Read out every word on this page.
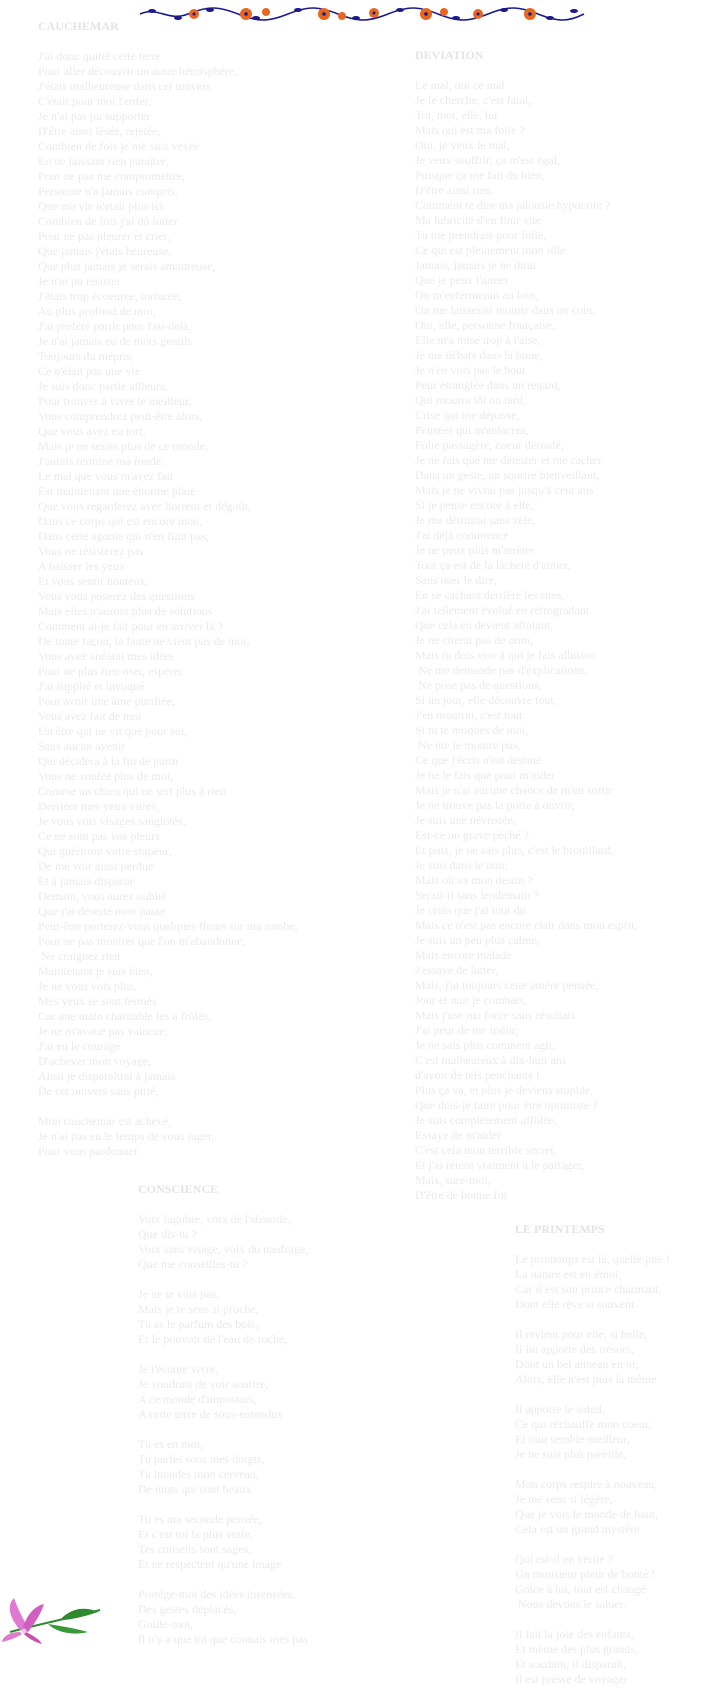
CAUCHEMAR
J'ai donc quitté cette terre
Pour aller découvrir un autre hémisphère,
J'étais malheureuse dans cet univers
C'était pour moi l'enfer,
Je n'ai pas pu supporter
D'être ainsi lésée, rejetée,
Combien de fois je me suis vexée
En ne laissant rien paraître,
Pour ne pas me compromettre,
Personne n'a jamais compris,
Que ma vie n'était plus ici
Combien de fois j'ai dû lutter
Pour ne pas pleurer et crier,
Que jamais j'étais heureuse,
Que plus jamais je serais amoureuse,
Je n'ai pu résister
J'étais trop écoeurée, torturée,
Au plus profond de moi,
J'ai préféré partir pour l'au-delà,
Je n'ai jamais eu de mots gentils
Toujours du mépris,
Ce n'était pas une vie
Je suis donc partie ailleurs,
Pour trouver à vivre le meilleur,
Vous comprendrez peut-être alors,
Que vous avez eu tort,
Mais je ne serais plus de ce monde,
J'aurais terminé ma ronde.
Le mal que vous m'avez fait
Est maintenant une énorme plaie
Que vous regarderez avec horreur et dégoût,
Dans ce corps qui est encore mou,
Dans cette agonie qui n'en finit pas,
Vous ne résisterez pas
A baisser les yeux
Et vous sentir honteux,
Vous vous poserez des questions
Mais elles n'auront plus de solutions
Comment ai-je fait pour en arriver là ?
De toute façon, la faute ne vient pas de moi,
Vous avez anéanti mes idées
Pour ne plus rien oser, espérer
J'ai supplié et invoqué
Pour avoir une âme purifiée,
Vous avez fait de moi
Un être qui ne vit que pour soi,
Sans aucun avenir
Qui décidera à la fin de partir
Vous ne voulez plus de moi,
Comme un chien qui ne sert plus à rien.
Derrière mes yeux vitrés,
Je vous vois visages sanglotés,
Ce ne sont pas vos pleurs
Qui guériront votre stupeur,
De me voir ainsi perdue
Et à jamais disparue
Demain, vous aurez oublié
Que j'ai déserté mon passé
Peut-être porterez-vous quelques fleurs sur ma tombe,
Pour ne pas montrer que l'on m'abandonne,
Ne craignez rien
Maintenant je suis bien,
Je ne vous vois plus,
Mes yeux se sont fermés
Car une main charitable les a frôlés,
Je ne m'avoue pas vaincue,
J'ai eu le courage
D'achever mon voyage,
Ainsi je disparaîtrai à jamais
De cet univers sans pitié,
Mon cauchemar est achevé,
Je n'ai pas eu le temps de vous juger,
Pour vous pardonner.
DEVIATION
Le mal, oui ce mal
Je le cherche, c'est fatal,
Toi, moi, elle, lui
Mais qui est ma folie ?
Oui, je veux le mal,
Je veux souffrir, ça m'est égal,
Puisque ça me fait du bien,
D'être ainsi rien.
Comment te dire ma jalousie hypocrite ?
Ma lubricité d'en finir vite
Tu me prendrais pour folle,
Ce qui est pleinement mon rôle
Jamais, jamais je ne dirai
Que je peux l'aimer
On m'enfermerait au loin,
On me laisserait mourir dans un coin,
Oui, elle, personne française,
Elle m'a mise trop à l'aise,
Je me débats dans la boue,
Je n'en vois pas le bout
Peur étranglée dans un regard,
Qui mourra tôt ou tard,
Crise qui me dépasse,
Pensées qui m'enlacent,
Folie passagère, coeur dérouté,
Je ne fais que me détester et me cacher
Dans un geste, un sourire bienveillant,
Mais je ne vivrai pas jusqu'à cent ans
Si je pense encore à elle,
Je me détruirai sans zèle,
J'ai déjà commencé
Je ne peux plus m'arrêter
Tout ça est de la lâcheté d'aimer,
Sans oser le dire,
En se cachant derrière les rires,
J'ai tellement évolué en rétrogradant
Que cela en devient affolant,
Je ne citerai pas de nom,
Mais tu dois voir à qui je fais allusion
Ne me demande pas d'explications,
Ne pose pas de questions,
Si un jour, elle découvre tout,
J'en mourrai, c'est tout
Si tu te moques de moi,
Ne me le montre pas,
Ce que j'écris n'est destiné
Je ne le fais que pour m'aider
Mais je n'ai aucune chance de m'en sortir
Je ne trouve pas la porte à ouvrir,
Je suis une névrosée,
Est-ce un grave péché ?
Et puis, je ne sais plus, c'est le brouillard,
Je suis dans le noir,
Mais où va mon destin ?
Serait-il sans lendemain ?
Je crois que j'ai tout dit
Mais ce n'est pas encore clair dans mon esprit,
Je suis un peu plus calme,
Mais encore malade
J'essaye de lutter,
Mais, j'ai toujours cette amère pensée,
Jour et nuit je combats,
Mais j'use ma force sans résultats
J'ai peur de me trahir,
Je ne sais plus comment agir,
C'est malheureux à dix-huit ans
d'avoir de tels penchants !
Plus ça va, et plus je deviens stupide,
Que dois-je faire pour être optimiste ?
Je suis complètement affolée,
Essaye de m'aider
C'est cela mon terrible secret,
Et j'ai réussi vraiment à le partager,
Mais, sure-moi,
D'être de bonne foi.
CONSCIENCE
Voix lugubre, voix de l'absurde,
Que dis-tu ?
Voix sans visage, voix du naufrage,
Que me conseilles-tu ?
Je ne te vois pas,
Mais je te sens si proche,
Tu as le parfum des bois,
Et le pouvoir de l'eau de roche,
Je t'écoute vivre,
Je voudrais de voir sourire,
A ce monde d'impostors,
A cette terre de sous-entendus
Tu es en moi,
Tu parles sous mes doigts,
Tu inondes mon cerveau,
De mots qui sont beaux
Tu es ma seconde pensée,
Et c'est toi la plus vraie,
Tes conseils sont sages,
Et ne respectent qu'une image
Protège-moi des idées insensées,
Des gestes déplacés,
Guide-moi,
Il n'y a que toi que connais mes pas
LE PRINTEMPS
Le printemps est là, quelle joie !
La nature est en émoi,
Car il est son prince charmant,
Dont elle rêve si souvent.
Il revient pour elle, si belle,
Il lui apporte des trésors,
Dont un bel anneau en or,
Alors, elle n'est plus la même
Il apporte le soleil,
Ce qui réchauffe mon coeur,
Et tout semble meilleur,
Je ne suis plus pareille,
Mon corps respire à nouveau,
Je me sens si légère,
Que je vois le monde de haut,
Cela est un grand mystère
Qui est-il en vérité ?
Un monsieur plein de bonté !
Grâce à lui, tout est changé
Nous devons le saluer.
Il fait la joie des enfants,
Et même des plus grands,
Et soudain, il disparaît,
Il est pressé de voyager
